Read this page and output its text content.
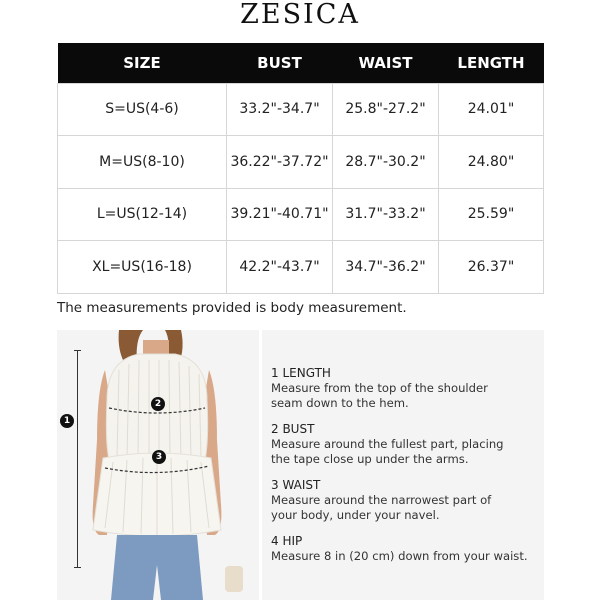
ZESICA
SIZE	BUST	WAIST	LENGTH
S=US(4-6)	33.2"-34.7"	25.8"-27.2"	24.01"
M=US(8-10)	36.22"-37.72"	28.7"-30.2"	24.80"
L=US(12-14)	39.21"-40.71"	31.7"-33.2"	25.59"
XL=US(16-18)	42.2"-43.7"	34.7"-36.2"	26.37"
The measurements provided is body measurement.
1
2
3
1 LENGTH
Measure from the top of the shoulder
seam down to the hem.
2 BUST
Measure around the fullest part, placing
the tape close up under the arms.
3 WAIST
Measure around the narrowest part of
your body, under your navel.
4 HIP
Measure 8 in (20 cm) down from your waist.
